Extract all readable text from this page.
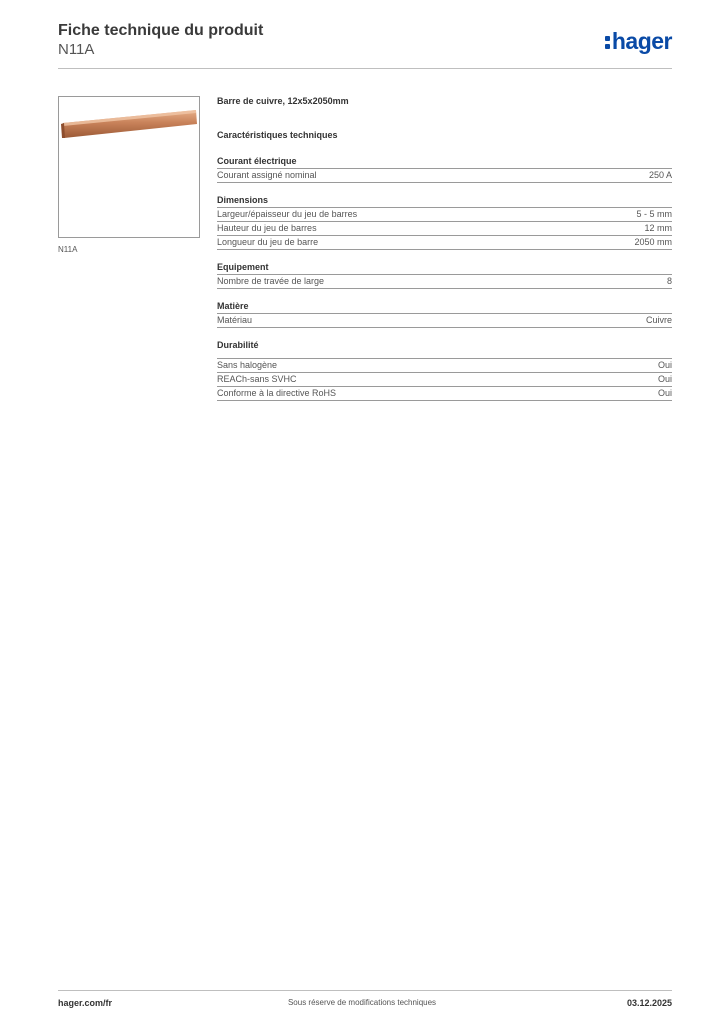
Fiche technique du produit
N11A	hager
N11A
Barre de cuivre, 12x5x2050mm
Caractéristiques techniques
Courant électrique
Courant assigné nominal	250 A
Dimensions
Largeur/épaisseur du jeu de barres	5 - 5 mm
Hauteur du jeu de barres	12 mm
Longueur du jeu de barre	2050 mm
Equipement
Nombre de travée de large	8
Matière
Matériau	Cuivre
Durabilité
Sans halogène	Oui
REACh-sans SVHC	Oui
Conforme à la directive RoHS	Oui
hager.com/fr	Sous réserve de modifications techniques	03.12.2025
